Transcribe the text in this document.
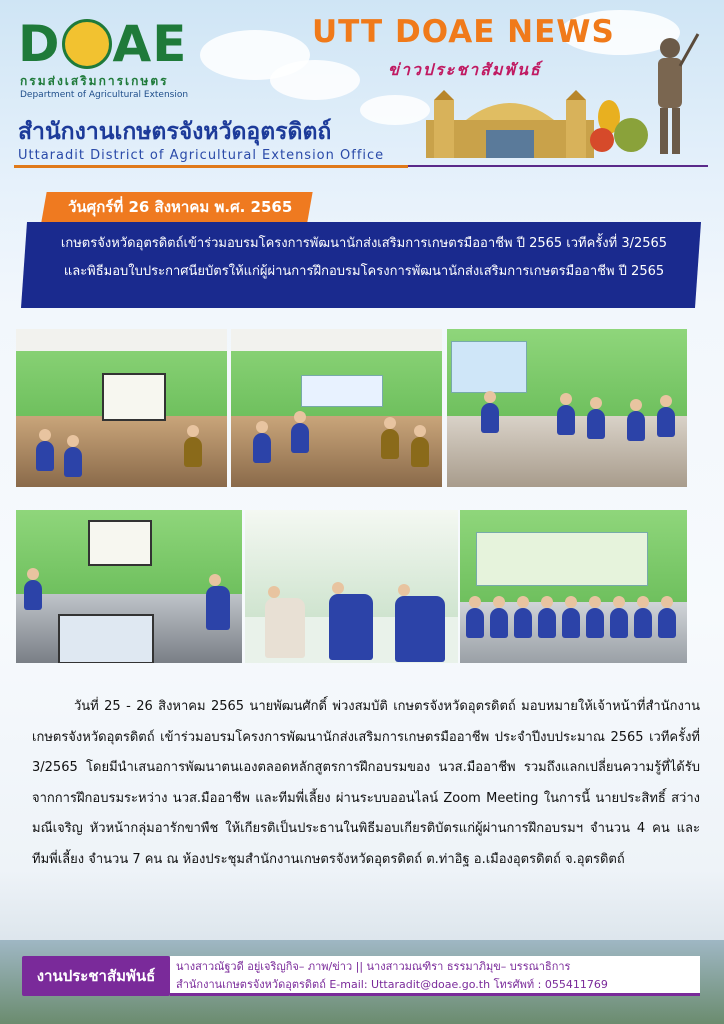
D AE
กรมส่งเสริมการเกษตร
Department of Agricultural Extension
UTT DOAE NEWS
ข่าวประชาสัมพันธ์
สำนักงานเกษตรจังหวัดอุตรดิตถ์
Uttaradit District of Agricultural Extension Office
วันศุกร์ที่ 26 สิงหาคม พ.ศ. 2565
เกษตรจังหวัดอุตรดิตถ์เข้าร่วมอบรมโครงการพัฒนานักส่งเสริมการเกษตรมืออาชีพ ปี 2565 เวทีครั้งที่ 3/2565
และพิธีมอบใบประกาศนียบัตรให้แก่ผู้ผ่านการฝึกอบรมโครงการพัฒนานักส่งเสริมการเกษตรมืออาชีพ ปี 2565
วันที่ 25 - 26 สิงหาคม 2565 นายพัฒนศักดิ์ พ่วงสมบัติ เกษตรจังหวัดอุตรดิตถ์ มอบหมายให้เจ้าหน้าที่สำนักงานเกษตรจังหวัดอุตรดิตถ์ เข้าร่วมอบรมโครงการพัฒนานักส่งเสริมการเกษตรมืออาชีพ ประจำปีงบประมาณ 2565 เวทีครั้งที่ 3/2565 โดยมีนำเสนอการพัฒนาตนเองตลอดหลักสูตรการฝึกอบรมของ นวส.มืออาชีพ รวมถึงแลกเปลี่ยนความรู้ที่ได้รับจากการฝึกอบรมระหว่าง นวส.มืออาชีพ และทีมพี่เลี้ยง ผ่านระบบออนไลน์ Zoom Meeting ในการนี้ นายประสิทธิ์ สว่างมณีเจริญ หัวหน้ากลุ่มอารักขาพืช ให้เกียรติเป็นประธานในพิธีมอบเกียรติบัตรแก่ผู้ผ่านการฝึกอบรมฯ จำนวน 4 คน และทีมพี่เลี้ยง จำนวน 7 คน ณ ห้องประชุมสำนักงานเกษตรจังหวัดอุตรดิตถ์ ต.ท่าอิฐ อ.เมืองอุตรดิตถ์ จ.อุตรดิตถ์
งานประชาสัมพันธ์
นางสาวณัฐวดี อยู่เจริญกิจ– ภาพ/ข่าว || นางสาวมณฑิรา ธรรมาภิมุข– บรรณาธิการ
สำนักงานเกษตรจังหวัดอุตรดิตถ์ E-mail: Uttaradit@doae.go.th โทรศัพท์ : 055411769
